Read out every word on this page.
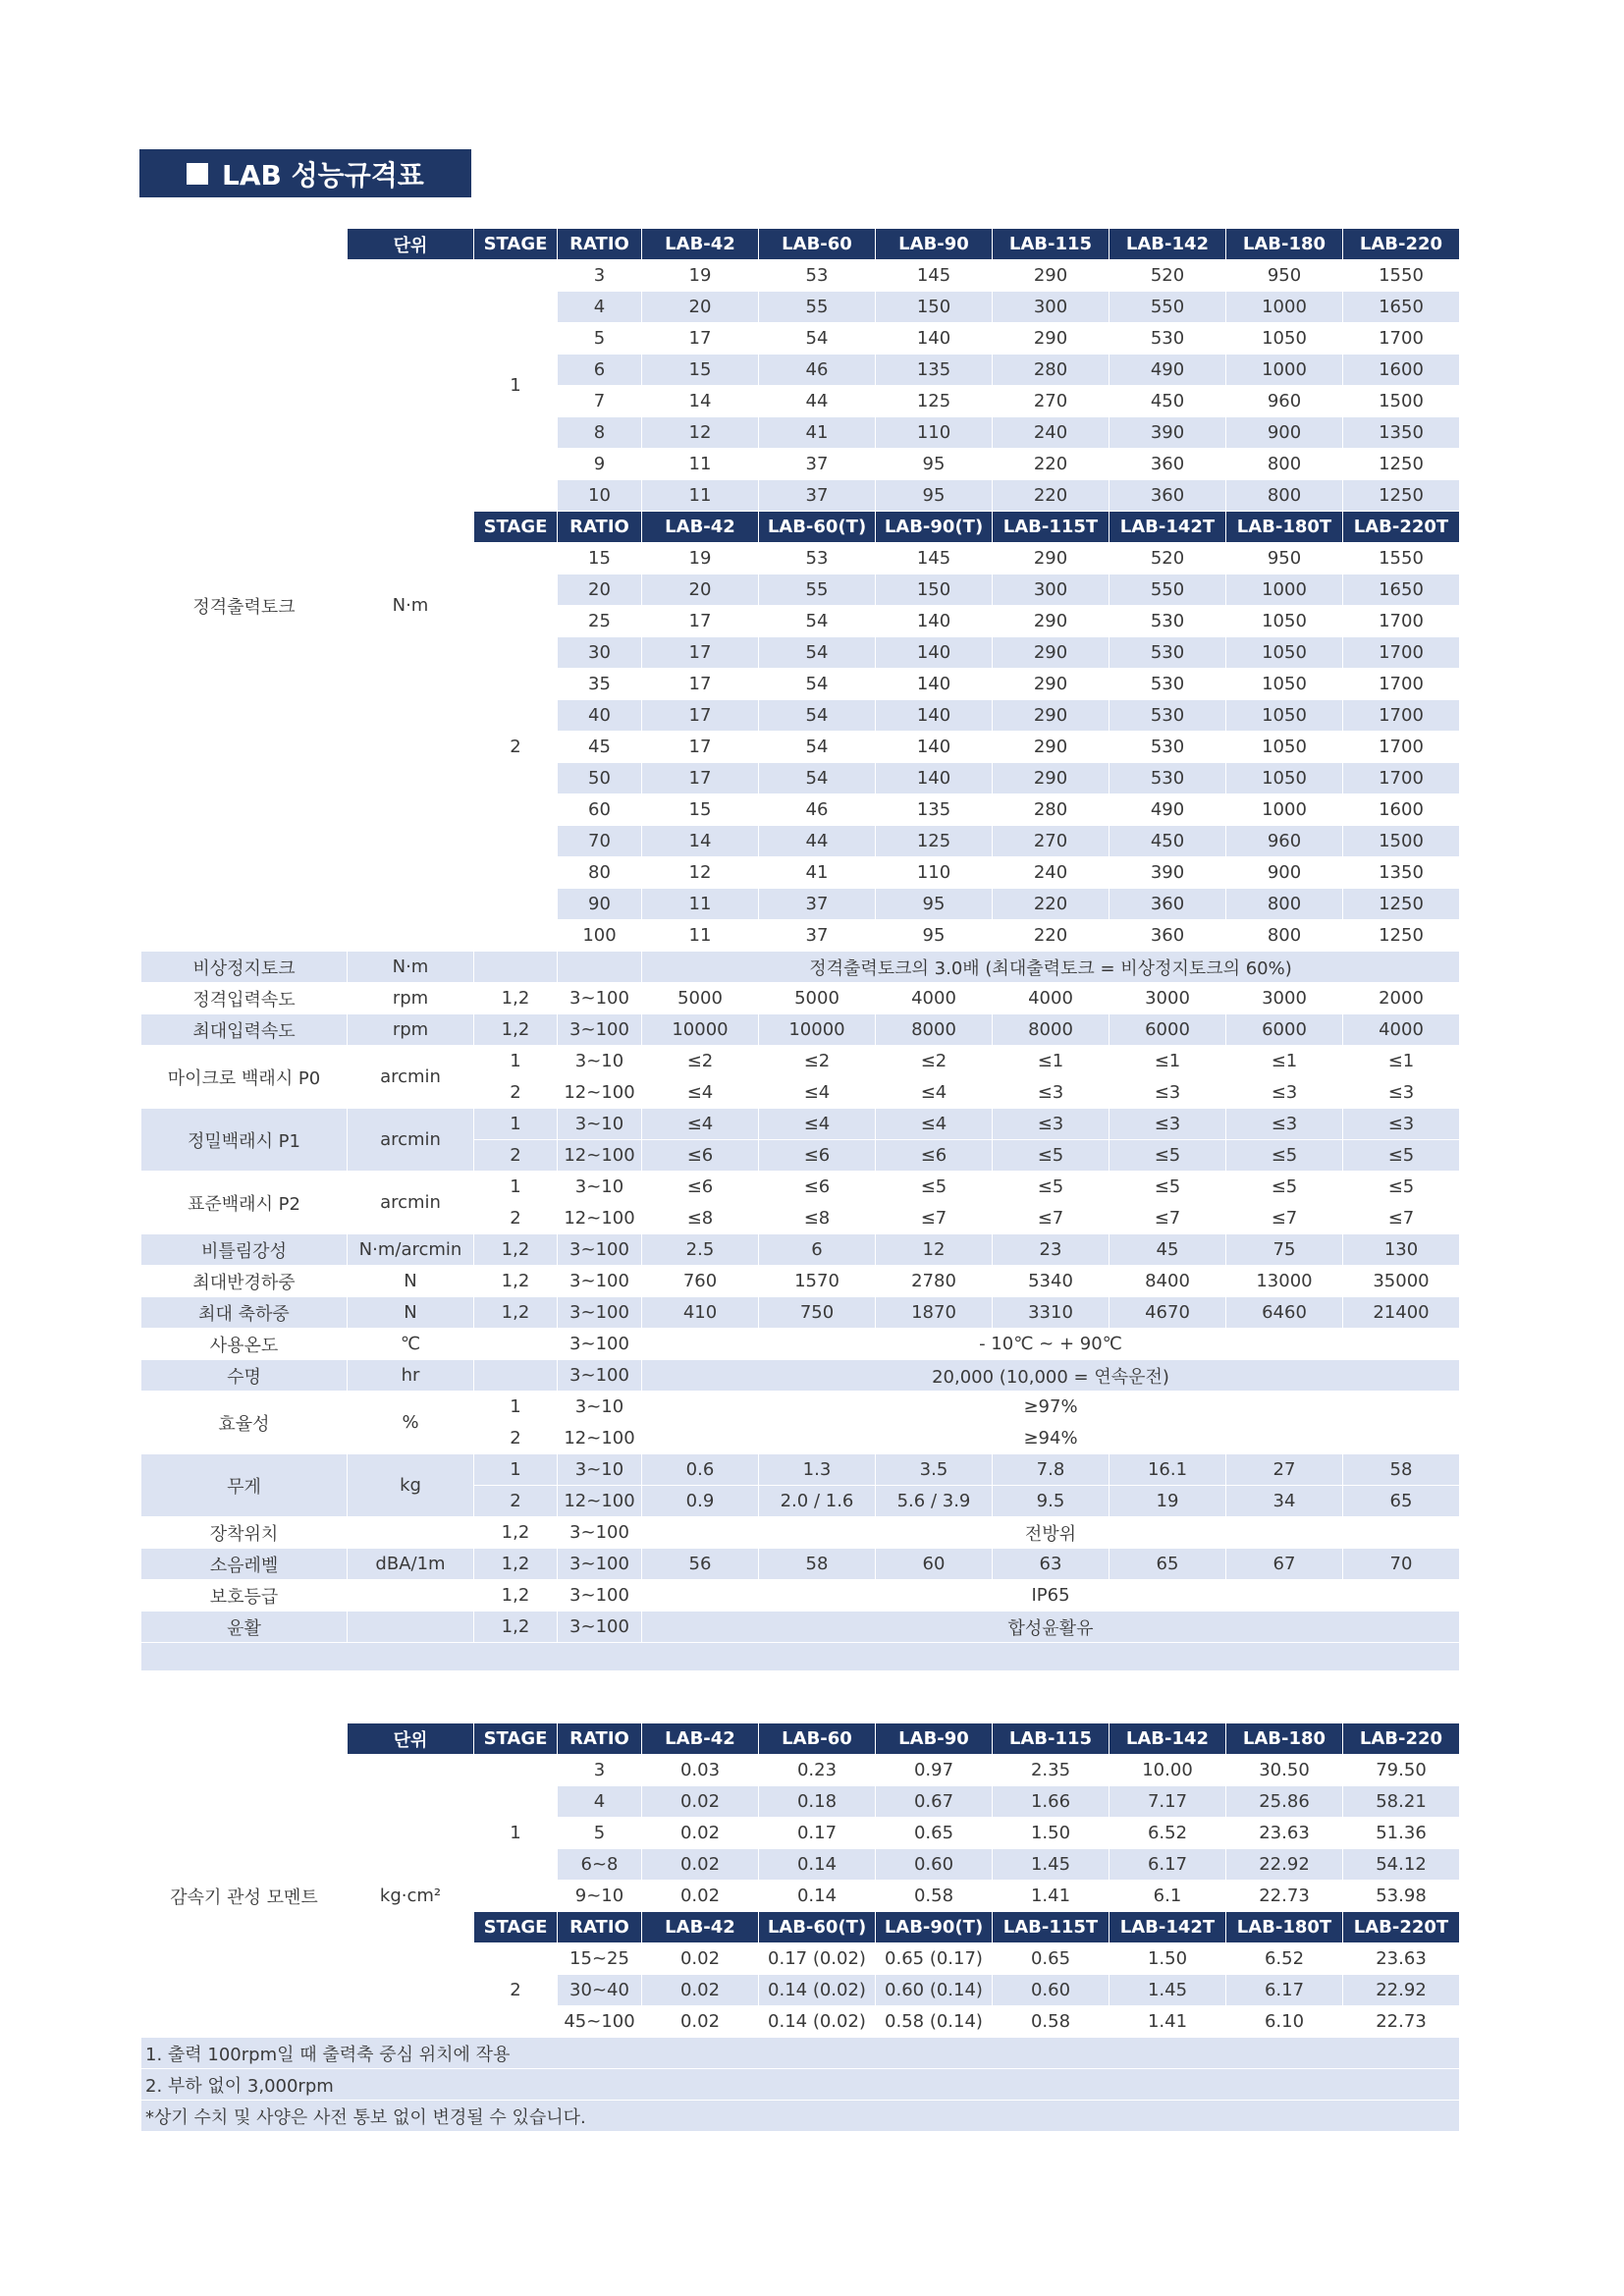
LAB 성능규격표
	단위	STAGE	RATIO	LAB-42	LAB-60	LAB-90	LAB-115	LAB-142	LAB-180	LAB-220
정격출력토크	N·m	1	3	19	53	145	290	520	950	1550
			4	20	55	150	300	550	1000	1650
			5	17	54	140	290	530	1050	1700
			6	15	46	135	280	490	1000	1600
			7	14	44	125	270	450	960	1500
			8	12	41	110	240	390	900	1350
			9	11	37	95	220	360	800	1250
			10	11	37	95	220	360	800	1250
		STAGE	RATIO	LAB-42	LAB-60(T)	LAB-90(T)	LAB-115T	LAB-142T	LAB-180T	LAB-220T
		2	15	19	53	145	290	520	950	1550
			20	20	55	150	300	550	1000	1650
			25	17	54	140	290	530	1050	1700
			30	17	54	140	290	530	1050	1700
			35	17	54	140	290	530	1050	1700
			40	17	54	140	290	530	1050	1700
			45	17	54	140	290	530	1050	1700
			50	17	54	140	290	530	1050	1700
			60	15	46	135	280	490	1000	1600
			70	14	44	125	270	450	960	1500
			80	12	41	110	240	390	900	1350
			90	11	37	95	220	360	800	1250
			100	11	37	95	220	360	800	1250
비상정지토크	N·m			정격출력토크의 3.0배 (최대출력토크 = 비상정지토크의 60%)						
정격입력속도	rpm	1,2	3~100	5000	5000	4000	4000	3000	3000	2000
최대입력속도	rpm	1,2	3~100	10000	10000	8000	8000	6000	6000	4000
마이크로 백래시 P0	arcmin	1	3~10	≤2	≤2	≤2	≤1	≤1	≤1	≤1
		2	12~100	≤4	≤4	≤4	≤3	≤3	≤3	≤3
정밀백래시 P1	arcmin	1	3~10	≤4	≤4	≤4	≤3	≤3	≤3	≤3
		2	12~100	≤6	≤6	≤6	≤5	≤5	≤5	≤5
표준백래시 P2	arcmin	1	3~10	≤6	≤6	≤5	≤5	≤5	≤5	≤5
		2	12~100	≤8	≤8	≤7	≤7	≤7	≤7	≤7
비틀림강성	N·m/arcmin	1,2	3~100	2.5	6	12	23	45	75	130
최대반경하중	N	1,2	3~100	760	1570	2780	5340	8400	13000	35000
최대 축하중	N	1,2	3~100	410	750	1870	3310	4670	6460	21400
사용온도	℃		3~100	- 10℃ ~ + 90℃						
수명	hr		3~100	20,000 (10,000 = 연속운전)						
효율성	%	1	3~10	≥97%						
		2	12~100	≥94%						
무게	kg	1	3~10	0.6	1.3	3.5	7.8	16.1	27	58
		2	12~100	0.9	2.0 / 1.6	5.6 / 3.9	9.5	19	34	65
장착위치		1,2	3~100	전방위						
소음레벨	dBA/1m	1,2	3~100	56	58	60	63	65	67	70
보호등급		1,2	3~100	IP65						
윤활		1,2	3~100	합성윤활유						

	단위	STAGE	RATIO	LAB-42	LAB-60	LAB-90	LAB-115	LAB-142	LAB-180	LAB-220
감속기 관성 모멘트	kg·cm²	1	3	0.03	0.23	0.97	2.35	10.00	30.50	79.50
			4	0.02	0.18	0.67	1.66	7.17	25.86	58.21
			5	0.02	0.17	0.65	1.50	6.52	23.63	51.36
			6~8	0.02	0.14	0.60	1.45	6.17	22.92	54.12
			9~10	0.02	0.14	0.58	1.41	6.1	22.73	53.98
		STAGE	RATIO	LAB-42	LAB-60(T)	LAB-90(T)	LAB-115T	LAB-142T	LAB-180T	LAB-220T
		2	15~25	0.02	0.17 (0.02)	0.65 (0.17)	0.65	1.50	6.52	23.63
			30~40	0.02	0.14 (0.02)	0.60 (0.14)	0.60	1.45	6.17	22.92
			45~100	0.02	0.14 (0.02)	0.58 (0.14)	0.58	1.41	6.10	22.73
1. 출력 100rpm일 때 출력축 중심 위치에 작용										
2. 부하 없이 3,000rpm										
*상기 수치 및 사양은 사전 통보 없이 변경될 수 있습니다.										
